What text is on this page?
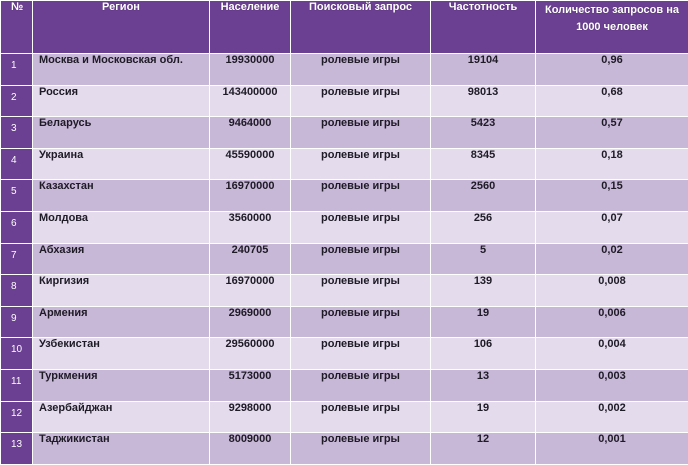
№	Регион	Население	Поисковый запрос	Частотность	Количество запросов на 1000 человек
1	Москва и Московская обл.	19930000	ролевые игры	19104	0,96
2	Россия	143400000	ролевые игры	98013	0,68
3	Беларусь	9464000	ролевые игры	5423	0,57
4	Украина	45590000	ролевые игры	8345	0,18
5	Казахстан	16970000	ролевые игры	2560	0,15
6	Молдова	3560000	ролевые игры	256	0,07
7	Абхазия	240705	ролевые игры	5	0,02
8	Киргизия	16970000	ролевые игры	139	0,008
9	Армения	2969000	ролевые игры	19	0,006
10	Узбекистан	29560000	ролевые игры	106	0,004
11	Туркмения	5173000	ролевые игры	13	0,003
12	Азербайджан	9298000	ролевые игры	19	0,002
13	Таджикистан	8009000	ролевые игры	12	0,001
